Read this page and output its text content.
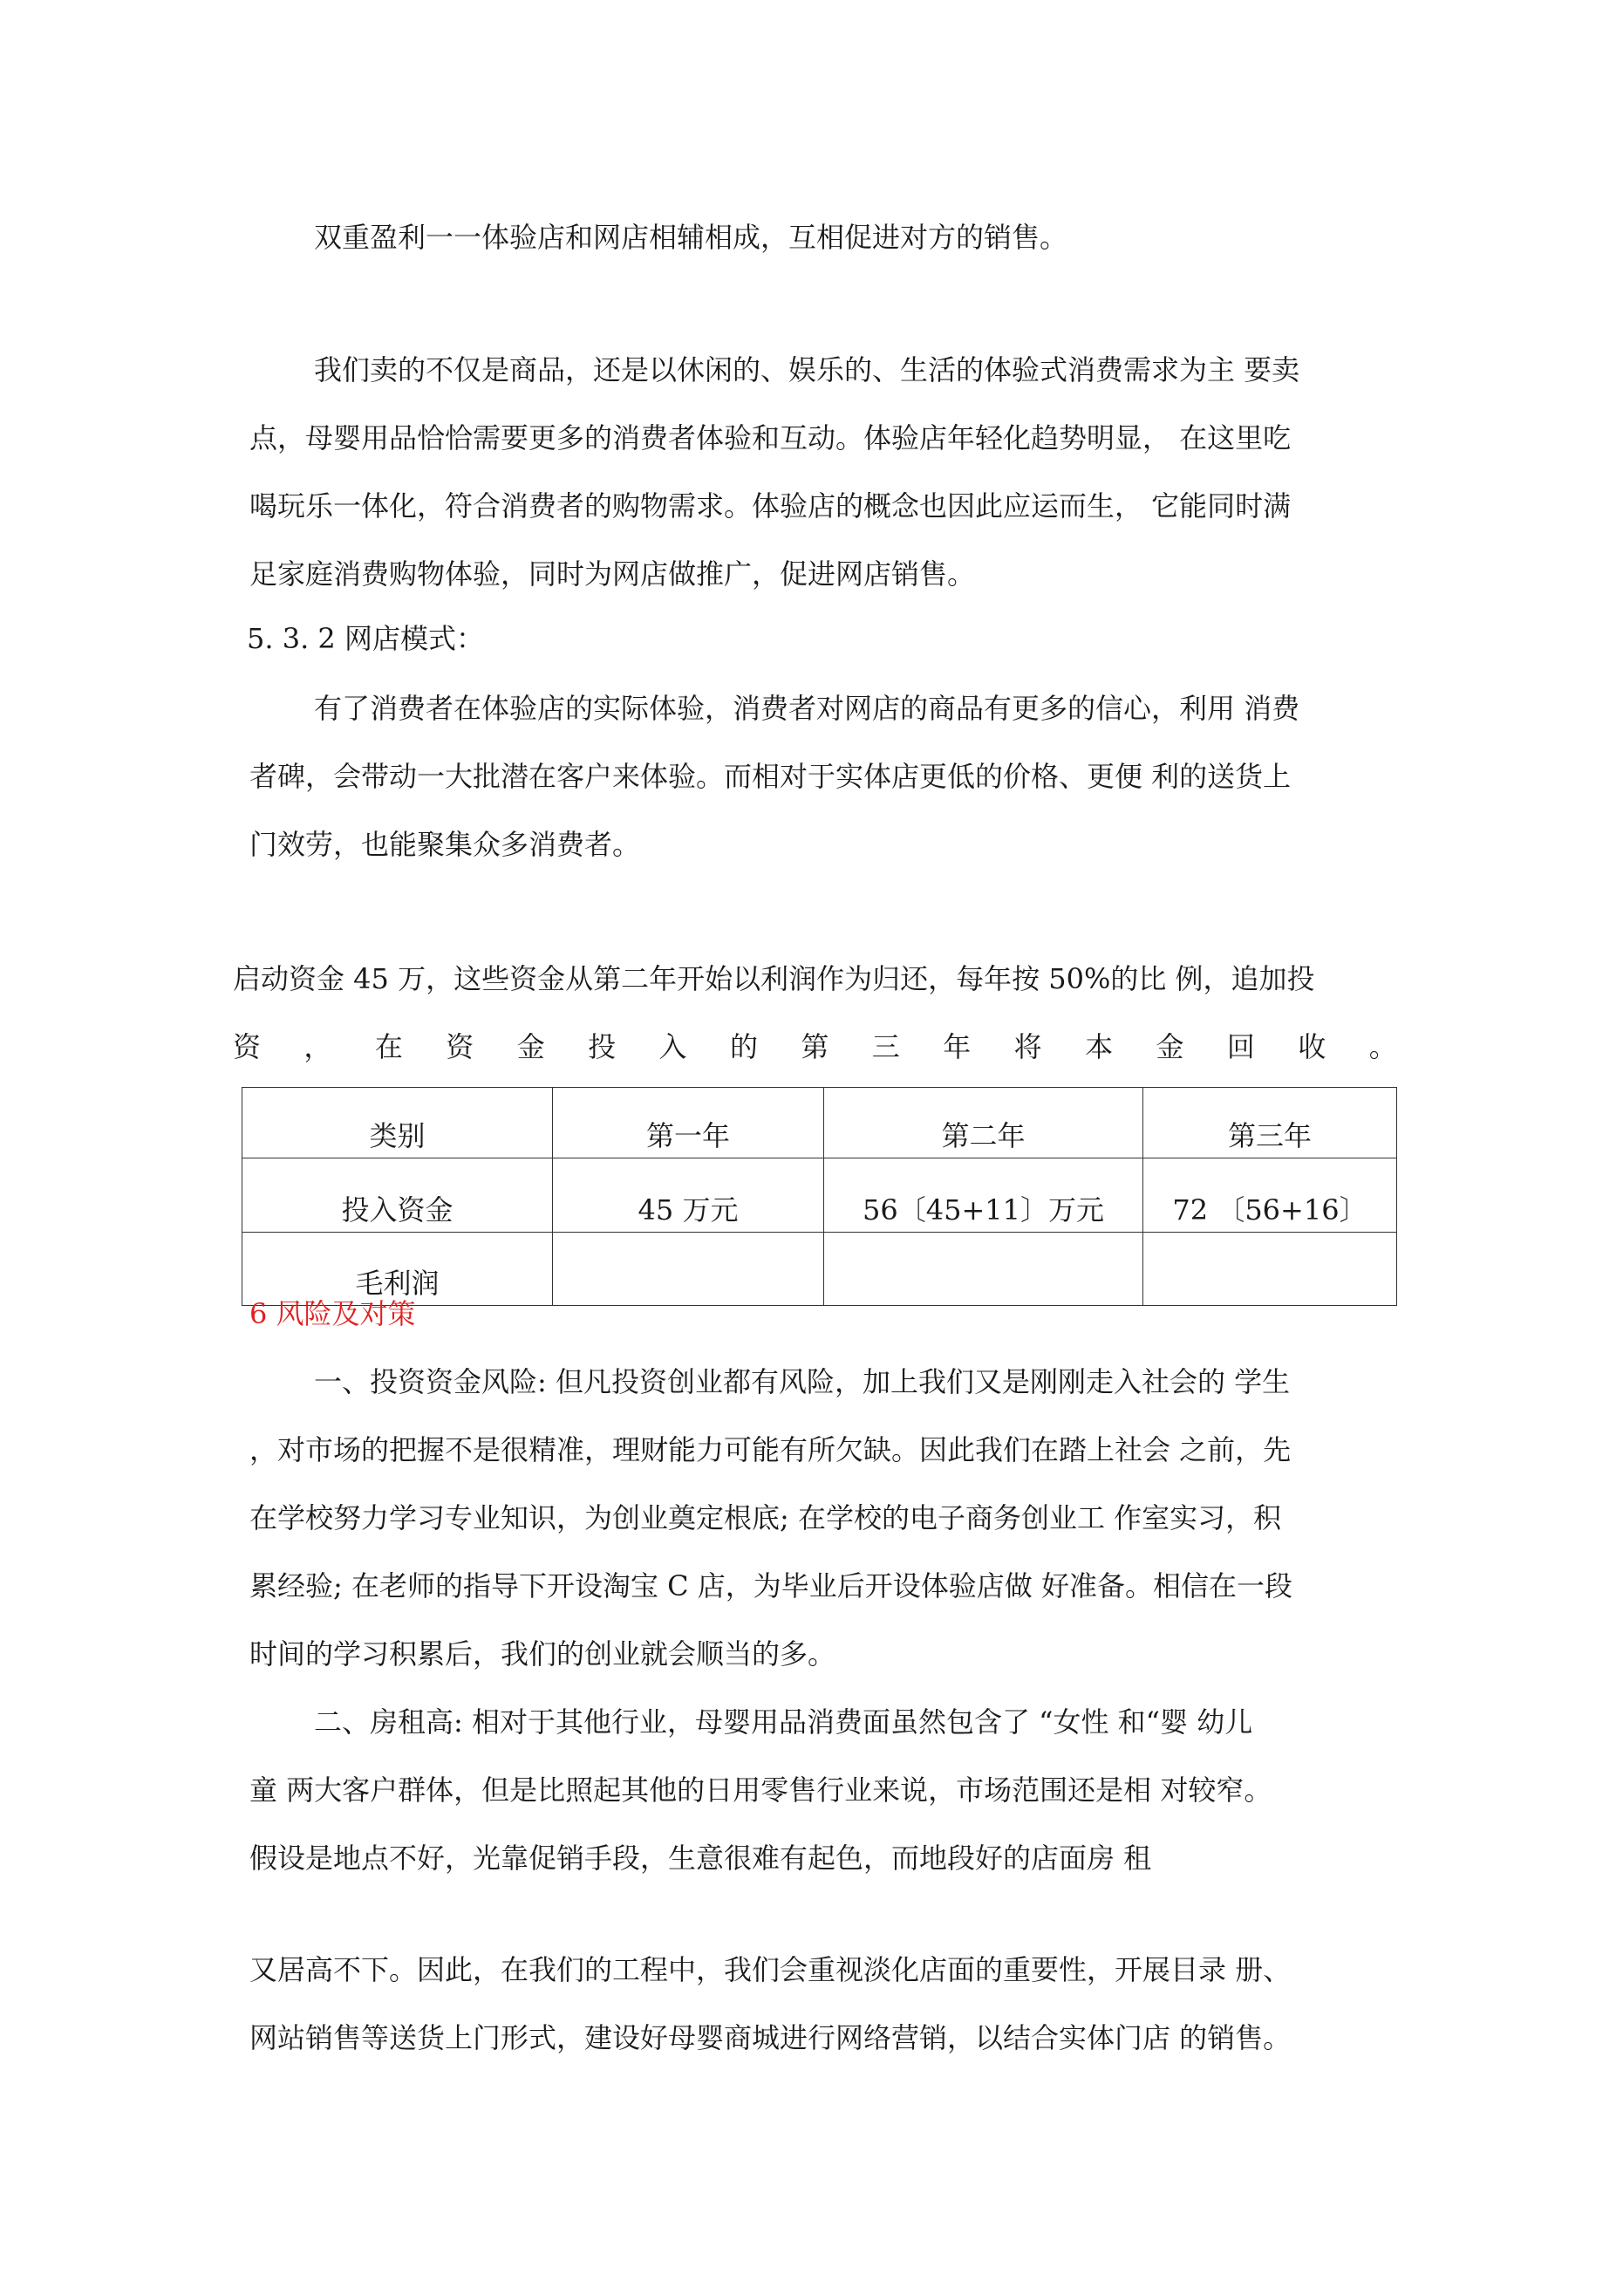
双重盈利一一体验店和网店相辅相成，互相促进对方的销售。

我们卖的不仅是商品，还是以休闲的、娱乐的、生活的体验式消费需求为主 要卖

点，母婴用品恰恰需要更多的消费者体验和互动。体验店年轻化趋势明显， 在这里吃

喝玩乐一体化，符合消费者的购物需求。体验店的概念也因此应运而生， 它能同时满

足家庭消费购物体验，同时为网店做推广，促进网店销售。

5. 3. 2 网店模式：

有了消费者在体验店的实际体验，消费者对网店的商品有更多的信心，利用 消费

者碑，会带动一大批潜在客户来体验。而相对于实体店更低的价格、更便 利的送货上

门效劳，也能聚集众多消费者。

启动资金 45 万，这些资金从第二年开始以利润作为归还，每年按 50%的比 例，追加投

资 ， 在 资 金 投 入 的 第 三 年 将 本 金 回 收 。
类别	第一年	第二年	第三年
投入资金	45 万元	56〔45+11〕万元	72 〔56+16〕
毛利润			

6 风险及对策

一、投资资金风险: 但凡投资创业都有风险，加上我们又是刚刚走入社会的 学生

，对市场的把握不是很精准，理财能力可能有所欠缺。因此我们在踏上社会 之前，先

在学校努力学习专业知识，为创业奠定根底; 在学校的电子商务创业工 作室实习，积

累经验; 在老师的指导下开设淘宝 C 店，为毕业后开设体验店做 好准备。相信在一段

时间的学习积累后，我们的创业就会顺当的多。

二、房租高: 相对于其他行业，母婴用品消费面虽然包含了 “女性 和“婴 幼儿

童 两大客户群体，但是比照起其他的日用零售行业来说，市场范围还是相 对较窄。

假设是地点不好，光靠促销手段，生意很难有起色，而地段好的店面房 租

又居高不下。因此，在我们的工程中，我们会重视淡化店面的重要性，开展目录 册、

网站销售等送货上门形式，建设好母婴商城进行网络营销，以结合实体门店 的销售。
